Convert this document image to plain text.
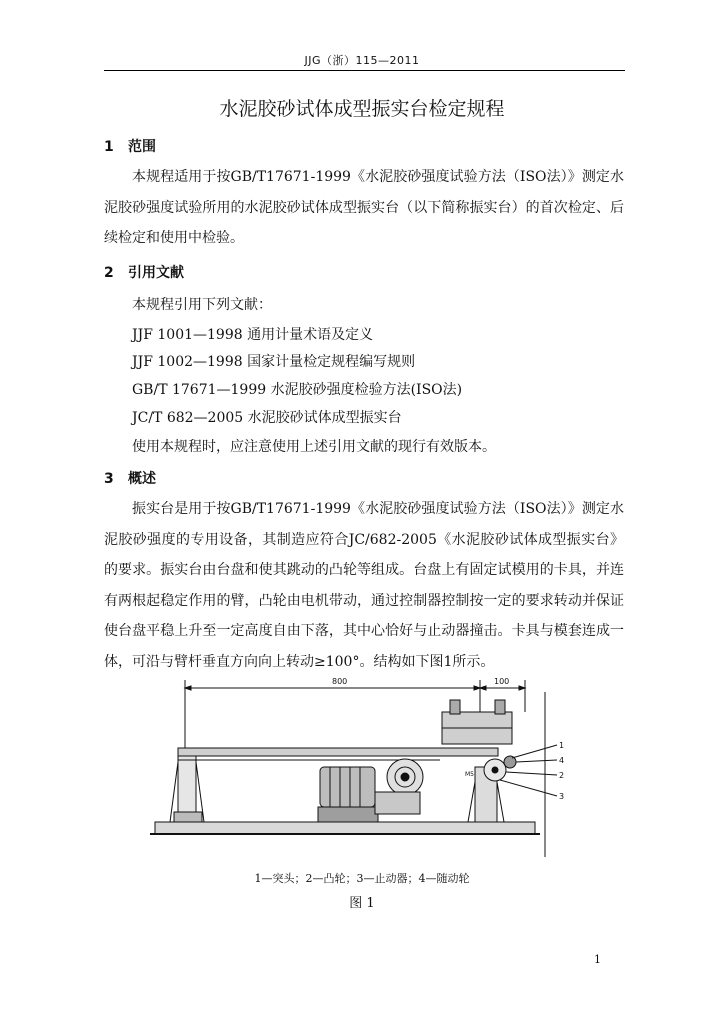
JJG（浙）115—2011
水泥胶砂试体成型振实台检定规程
1 范围
本规程适用于按GB/T17671-1999《水泥胶砂强度试验方法（ISO法）》测定水泥胶砂强度试验所用的水泥胶砂试体成型振实台（以下简称振实台）的首次检定、后续检定和使用中检验。
2 引用文献
本规程引用下列文献：
JJF 1001—1998 通用计量术语及定义
JJF 1002—1998 国家计量检定规程编写规则
GB/T 17671—1999 水泥胶砂强度检验方法(ISO法)
JC/T 682—2005 水泥胶砂试体成型振实台
使用本规程时，应注意使用上述引用文献的现行有效版本。
3 概述
振实台是用于按GB/T17671-1999《水泥胶砂强度试验方法（ISO法）》测定水泥胶砂强度的专用设备，其制造应符合JC/682-2005《水泥胶砂试体成型振实台》的要求。振实台由台盘和使其跳动的凸轮等组成。台盘上有固定试模用的卡具，并连有两根起稳定作用的臂，凸轮由电机带动，通过控制器控制按一定的要求转动并保证使台盘平稳上升至一定高度自由下落，其中心恰好与止动器撞击。卡具与模套连成一体，可沿与臂杆垂直方向向上转动≥100°。结构如下图1所示。
800	100
M5
1
4
2
3
1—突头；2—凸轮；3—止动器；4—随动轮
图 1
1
